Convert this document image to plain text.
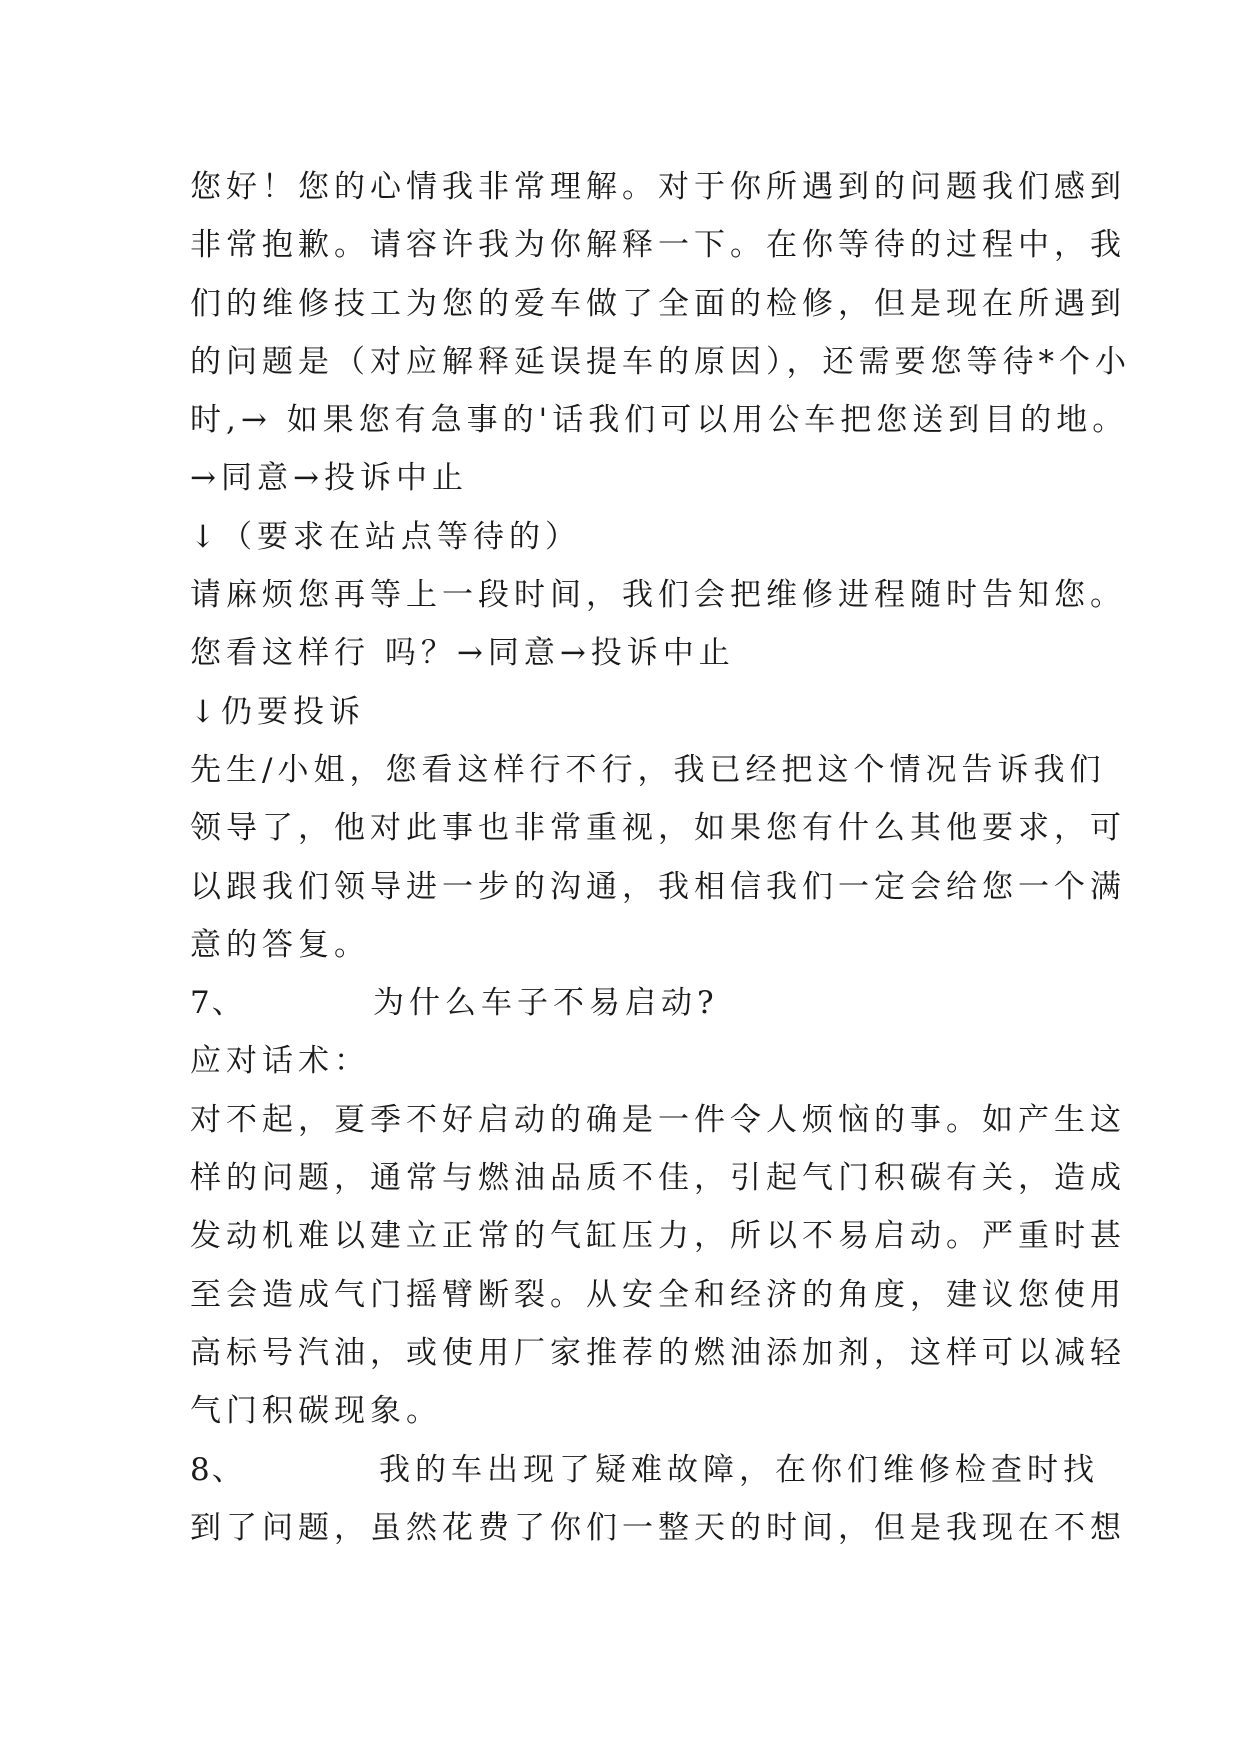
您好！您的心情我非常理解。对于你所遇到的问题我们感到
非常抱歉。请容许我为你解释一下。在你等待的过程中，我
们的维修技工为您的爱车做了全面的检修，但是现在所遇到
的问题是（对应解释延误提车的原因），还需要您等待*个小
时,→ 如果您有急事的'话我们可以用公车把您送到目的地。
→同意→投诉中止
↓（要求在站点等待的）
请麻烦您再等上一段时间，我们会把维修进程随时告知您。
您看这样行 吗？→同意→投诉中止
↓仍要投诉
先生/小姐，您看这样行不行，我已经把这个情况告诉我们
领导了，他对此事也非常重视，如果您有什么其他要求，可
以跟我们领导进一步的沟通，我相信我们一定会给您一个满
意的答复。
7、	为什么车子不易启动?
应对话术：
对不起，夏季不好启动的确是一件令人烦恼的事。如产生这
样的问题，通常与燃油品质不佳，引起气门积碳有关，造成
发动机难以建立正常的气缸压力，所以不易启动。严重时甚
至会造成气门摇臂断裂。从安全和经济的角度，建议您使用
高标号汽油，或使用厂家推荐的燃油添加剂，这样可以减轻
气门积碳现象。
8、	我的车出现了疑难故障，在你们维修检查时找
到了问题，虽然花费了你们一整天的时间，但是我现在不想
